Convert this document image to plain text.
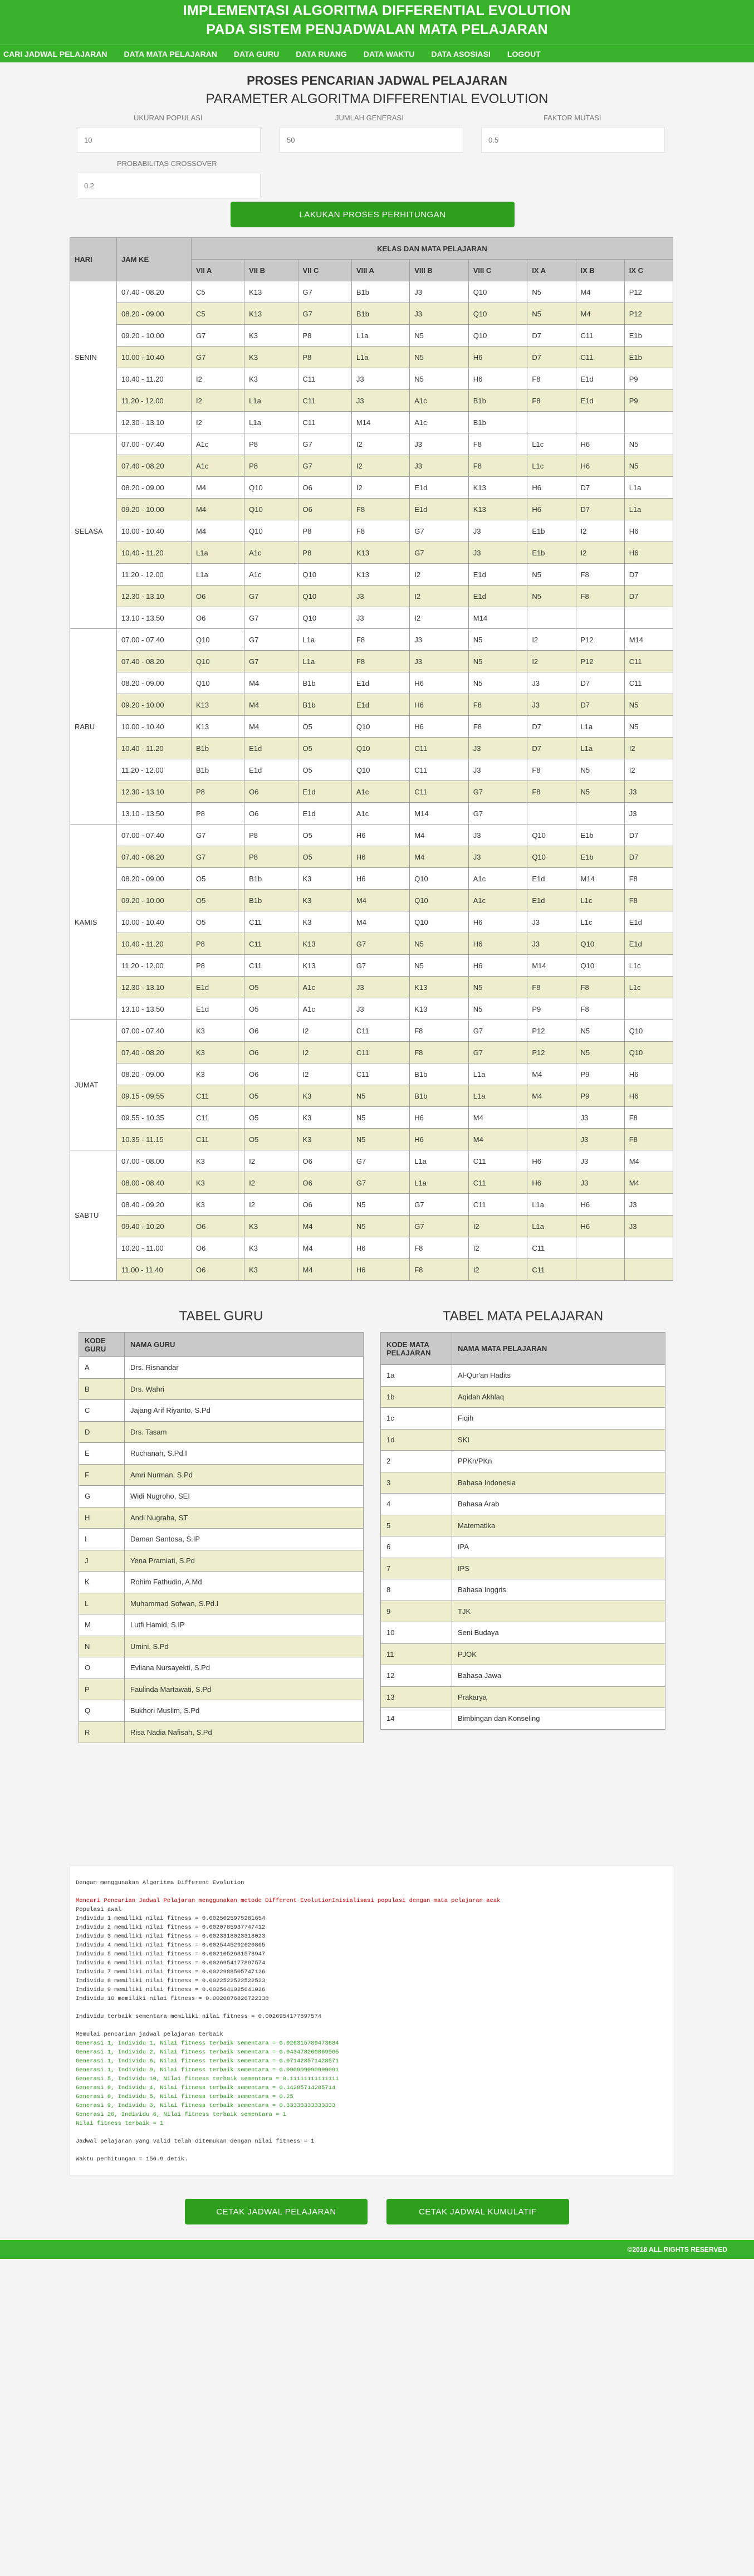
IMPLEMENTASI ALGORITMA DIFFERENTIAL EVOLUTION
PADA SISTEM PENJADWALAN MATA PELAJARAN
CARI JADWAL PELAJARAN DATA MATA PELAJARAN DATA GURU DATA RUANG DATA WAKTU DATA ASOSIASI LOGOUT
PROSES PENCARIAN JADWAL PELAJARAN
PARAMETER ALGORITMA DIFFERENTIAL EVOLUTION
UKURAN POPULASI
10	JUMLAH GENERASI
50	FAKTOR MUTASI
0.5
PROBABILITAS CROSSOVER
0.2
LAKUKAN PROSES PERHITUNGAN
HARI	JAM KE	KELAS DAN MATA PELAJARAN								
		VII A	VII B	VII C	VIII A	VIII B	VIII C	IX A	IX B	IX C
SENIN	07.40 - 08.20	C5	K13	G7	B1b	J3	Q10	N5	M4	P12
	08.20 - 09.00	C5	K13	G7	B1b	J3	Q10	N5	M4	P12
	09.20 - 10.00	G7	K3	P8	L1a	N5	Q10	D7	C11	E1b
	10.00 - 10.40	G7	K3	P8	L1a	N5	H6	D7	C11	E1b
	10.40 - 11.20	I2	K3	C11	J3	N5	H6	F8	E1d	P9
	11.20 - 12.00	I2	L1a	C11	J3	A1c	B1b	F8	E1d	P9
	12.30 - 13.10	I2	L1a	C11	M14	A1c	B1b			
SELASA	07.00 - 07.40	A1c	P8	G7	I2	J3	F8	L1c	H6	N5
	07.40 - 08.20	A1c	P8	G7	I2	J3	F8	L1c	H6	N5
	08.20 - 09.00	M4	Q10	O6	I2	E1d	K13	H6	D7	L1a
	09.20 - 10.00	M4	Q10	O6	F8	E1d	K13	H6	D7	L1a
	10.00 - 10.40	M4	Q10	P8	F8	G7	J3	E1b	I2	H6
	10.40 - 11.20	L1a	A1c	P8	K13	G7	J3	E1b	I2	H6
	11.20 - 12.00	L1a	A1c	Q10	K13	I2	E1d	N5	F8	D7
	12.30 - 13.10	O6	G7	Q10	J3	I2	E1d	N5	F8	D7
	13.10 - 13.50	O6	G7	Q10	J3	I2	M14			
RABU	07.00 - 07.40	Q10	G7	L1a	F8	J3	N5	I2	P12	M14
	07.40 - 08.20	Q10	G7	L1a	F8	J3	N5	I2	P12	C11
	08.20 - 09.00	Q10	M4	B1b	E1d	H6	N5	J3	D7	C11
	09.20 - 10.00	K13	M4	B1b	E1d	H6	F8	J3	D7	N5
	10.00 - 10.40	K13	M4	O5	Q10	H6	F8	D7	L1a	N5
	10.40 - 11.20	B1b	E1d	O5	Q10	C11	J3	D7	L1a	I2
	11.20 - 12.00	B1b	E1d	O5	Q10	C11	J3	F8	N5	I2
	12.30 - 13.10	P8	O6	E1d	A1c	C11	G7	F8	N5	J3
	13.10 - 13.50	P8	O6	E1d	A1c	M14	G7			J3
KAMIS	07.00 - 07.40	G7	P8	O5	H6	M4	J3	Q10	E1b	D7
	07.40 - 08.20	G7	P8	O5	H6	M4	J3	Q10	E1b	D7
	08.20 - 09.00	O5	B1b	K3	H6	Q10	A1c	E1d	M14	F8
	09.20 - 10.00	O5	B1b	K3	M4	Q10	A1c	E1d	L1c	F8
	10.00 - 10.40	O5	C11	K3	M4	Q10	H6	J3	L1c	E1d
	10.40 - 11.20	P8	C11	K13	G7	N5	H6	J3	Q10	E1d
	11.20 - 12.00	P8	C11	K13	G7	N5	H6	M14	Q10	L1c
	12.30 - 13.10	E1d	O5	A1c	J3	K13	N5	F8	F8	L1c
	13.10 - 13.50	E1d	O5	A1c	J3	K13	N5	P9	F8	
JUMAT	07.00 - 07.40	K3	O6	I2	C11	F8	G7	P12	N5	Q10
	07.40 - 08.20	K3	O6	I2	C11	F8	G7	P12	N5	Q10
	08.20 - 09.00	K3	O6	I2	C11	B1b	L1a	M4	P9	H6
	09.15 - 09.55	C11	O5	K3	N5	B1b	L1a	M4	P9	H6
	09.55 - 10.35	C11	O5	K3	N5	H6	M4		J3	F8
	10.35 - 11.15	C11	O5	K3	N5	H6	M4		J3	F8
SABTU	07.00 - 08.00	K3	I2	O6	G7	L1a	C11	H6	J3	M4
	08.00 - 08.40	K3	I2	O6	G7	L1a	C11	H6	J3	M4
	08.40 - 09.20	K3	I2	O6	N5	G7	C11	L1a	H6	J3
	09.40 - 10.20	O6	K3	M4	N5	G7	I2	L1a	H6	J3
	10.20 - 11.00	O6	K3	M4	H6	F8	I2	C11		
	11.00 - 11.40	O6	K3	M4	H6	F8	I2	C11		
TABEL GURU
KODE GURU	NAMA GURU
A	Drs. Risnandar
B	Drs. Wahri
C	Jajang Arif Riyanto, S.Pd
D	Drs. Tasam
E	Ruchanah, S.Pd.I
F	Amri Nurman, S.Pd
G	Widi Nugroho, SEI
H	Andi Nugraha, ST
I	Daman Santosa, S.IP
J	Yena Pramiati, S.Pd
K	Rohim Fathudin, A.Md
L	Muhammad Sofwan, S.Pd.I
M	Lutfi Hamid, S.IP
N	Umini, S.Pd
O	Evliana Nursayekti, S.Pd
P	Faulinda Martawati, S.Pd
Q	Bukhori Muslim, S.Pd
R	Risa Nadia Nafisah, S.Pd
TABEL MATA PELAJARAN
KODE MATA PELAJARAN	NAMA MATA PELAJARAN
1a	Al-Qur'an Hadits
1b	Aqidah Akhlaq
1c	Fiqih
1d	SKI
2	PPKn/PKn
3	Bahasa Indonesia
4	Bahasa Arab
5	Matematika
6	IPA
7	IPS
8	Bahasa Inggris
9	TJK
10	Seni Budaya
11	PJOK
12	Bahasa Jawa
13	Prakarya
14	Bimbingan dan Konseling
Dengan menggunakan Algoritma Different Evolution
Mencari Pencarian Jadwal Pelajaran menggunakan metode Different EvolutionInisialisasi populasi dengan mata pelajaran acak
Populasi awal
Individu 1 memiliki nilai fitness = 0.0025025975281654
Individu 2 memiliki nilai fitness = 0.0020785937747412
Individu 3 memiliki nilai fitness = 0.0023318023318023
Individu 4 memiliki nilai fitness = 0.0025445292620865
Individu 5 memiliki nilai fitness = 0.0021052631578947
Individu 6 memiliki nilai fitness = 0.0026954177897574
Individu 7 memiliki nilai fitness = 0.0022988505747126
Individu 8 memiliki nilai fitness = 0.0022522522522523
Individu 9 memiliki nilai fitness = 0.0025641025641026
Individu 10 memiliki nilai fitness = 0.0020876826722338
Individu terbaik sementara memiliki nilai fitness = 0.0026954177897574
Memulai pencarian jadwal pelajaran terbaik
Generasi 1, Individu 1, Nilai fitness terbaik sementara = 0.026315789473684
Generasi 1, Individu 2, Nilai fitness terbaik sementara = 0.043478260869565
Generasi 1, Individu 6, Nilai fitness terbaik sementara = 0.071428571428571
Generasi 1, Individu 9, Nilai fitness terbaik sementara = 0.090909090909091
Generasi 5, Individu 10, Nilai fitness terbaik sementara = 0.11111111111111
Generasi 8, Individu 4, Nilai fitness terbaik sementara = 0.14285714285714
Generasi 8, Individu 5, Nilai fitness terbaik sementara = 0.25
Generasi 9, Individu 3, Nilai fitness terbaik sementara = 0.33333333333333
Generasi 20, Individu 6, Nilai fitness terbaik sementara = 1
Nilai fitness terbaik = 1
Jadwal pelajaran yang valid telah ditemukan dengan nilai fitness = 1
Waktu perhitungan = 156.9 detik.
CETAK JADWAL PELAJARAN	CETAK JADWAL KUMULATIF
©2018 ALL RIGHTS RESERVED
